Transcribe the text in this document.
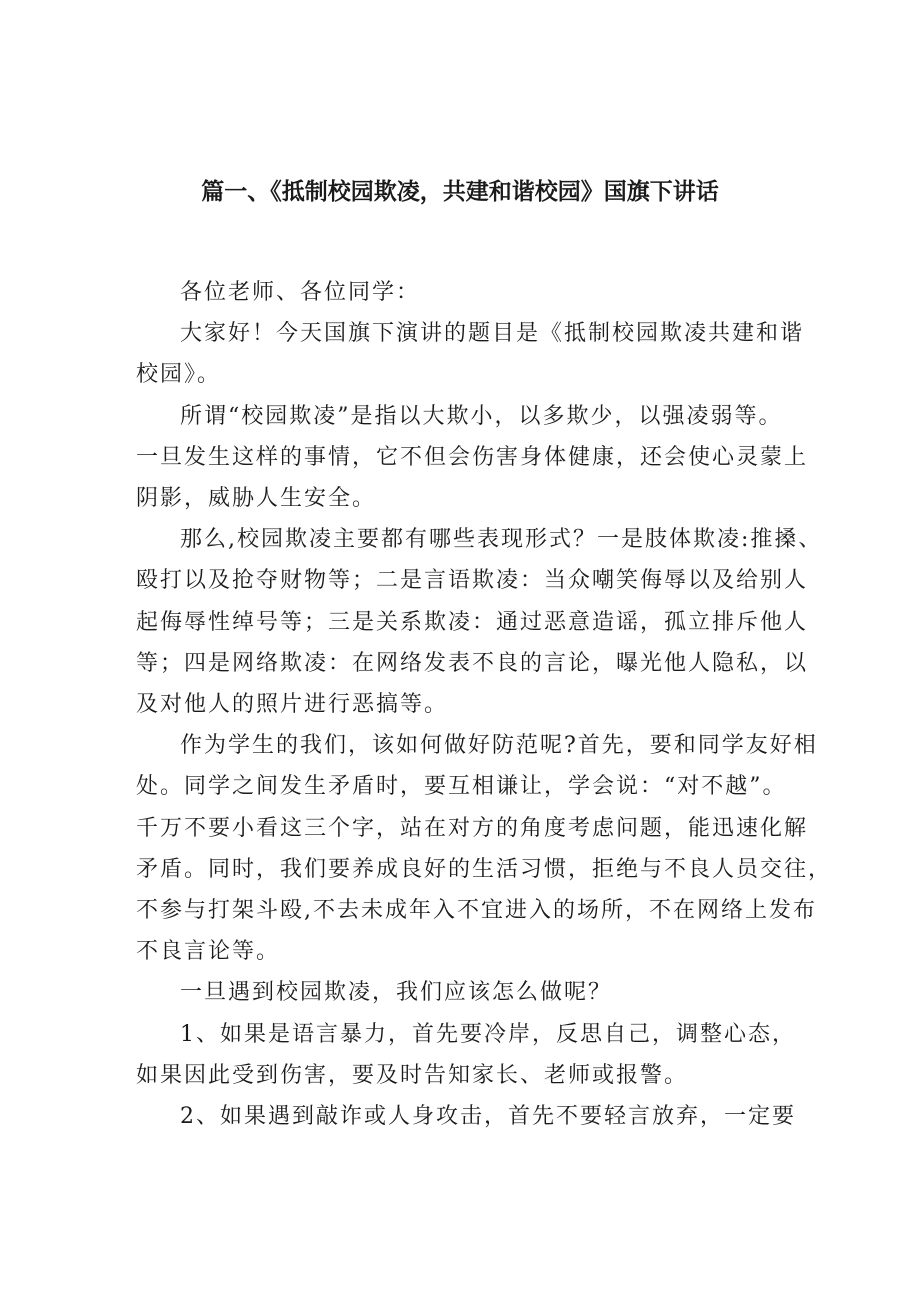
篇一、《抵制校园欺凌，共建和谐校园》国旗下讲话

各位老师、各位同学：

大家好！今天国旗下演讲的题目是《抵制校园欺凌共建和谐
校园》。

所谓“校园欺凌”是指以大欺小，以多欺少，以强凌弱等。
一旦发生这样的事情，它不但会伤害身体健康，还会使心灵蒙上
阴影，威胁人生安全。

那么,校园欺凌主要都有哪些表现形式？一是肢体欺凌:推搡、
殴打以及抢夺财物等；二是言语欺凌：当众嘲笑侮辱以及给别人
起侮辱性绰号等；三是关系欺凌：通过恶意造谣，孤立排斥他人
等；四是网络欺凌：在网络发表不良的言论，曝光他人隐私，以
及对他人的照片进行恶搞等。

作为学生的我们，该如何做好防范呢?首先，要和同学友好相
处。同学之间发生矛盾时，要互相谦让，学会说：“对不越”。
千万不要小看这三个字，站在对方的角度考虑问题，能迅速化解
矛盾。同时，我们要养成良好的生活习惯，拒绝与不良人员交往，
不参与打架斗殴,不去未成年入不宜进入的场所，不在网络上发布
不良言论等。

一旦遇到校园欺凌，我们应该怎么做呢？

1、如果是语言暴力，首先要冷岸，反思自己，调整心态，
如果因此受到伤害，要及时告知家长、老师或报警。

2、如果遇到敲诈或人身攻击，首先不要轻言放弃，一定要
